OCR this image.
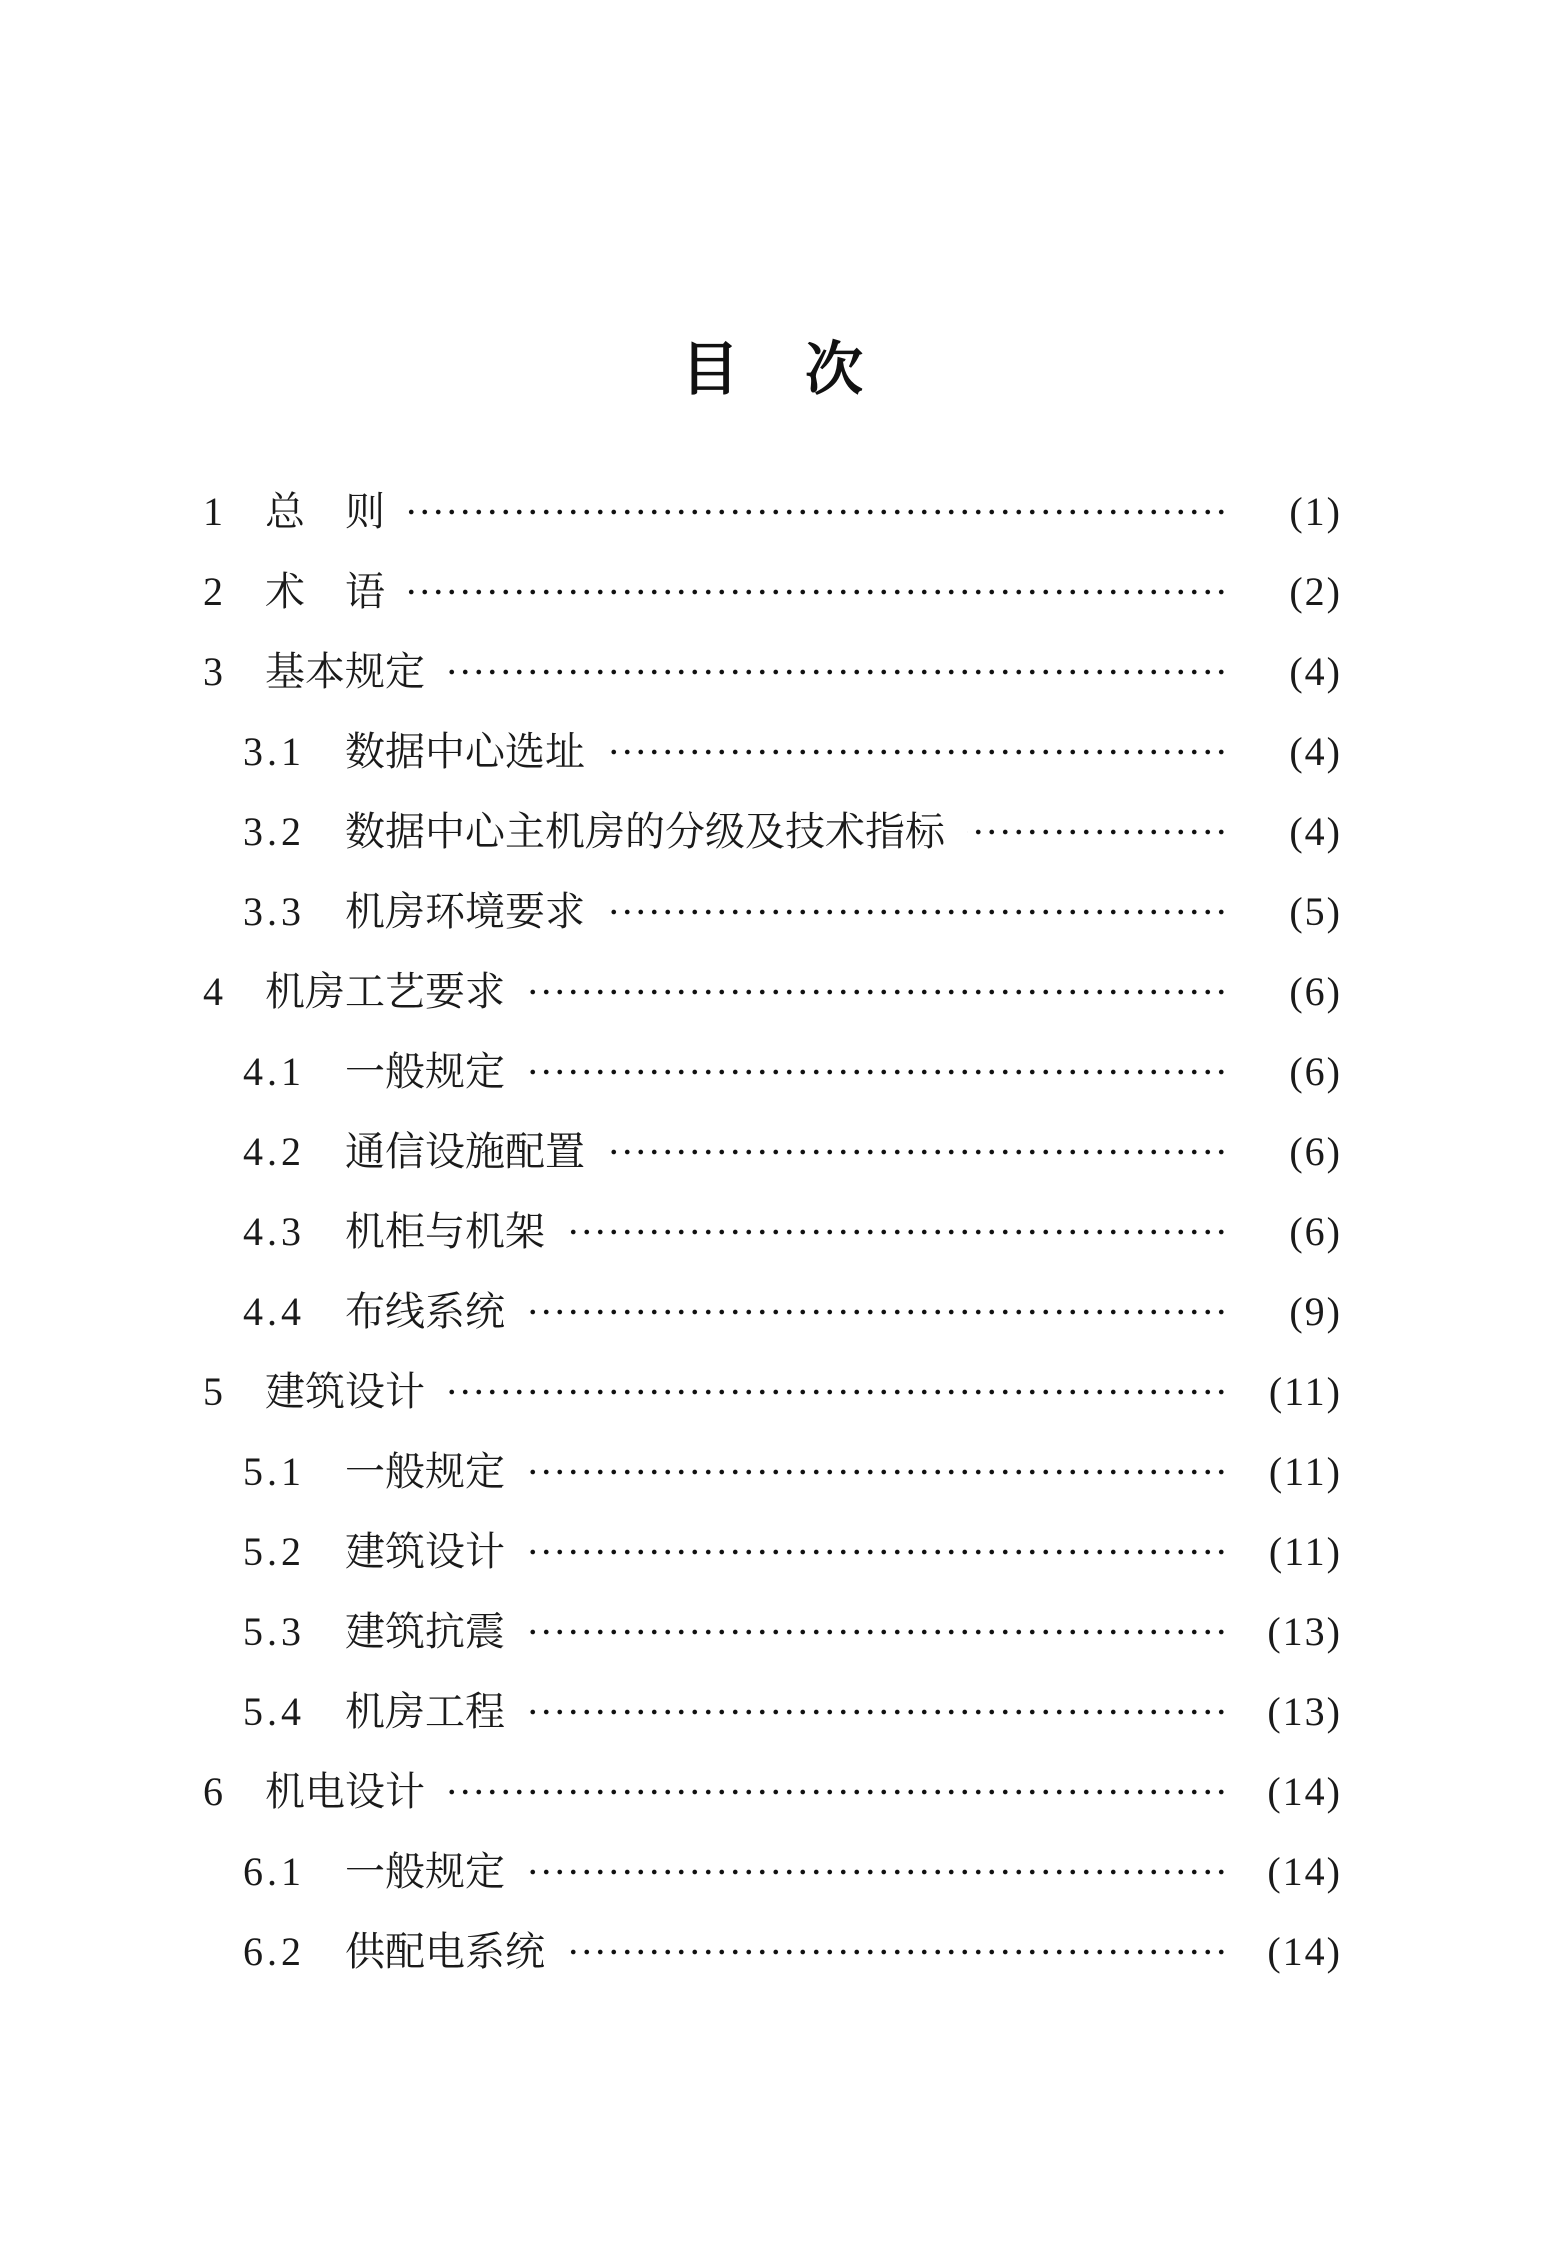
目　次
1 总　则	(1)
2 术　语	(2)
3 基本规定	(4)
3.1	数据中心选址	(4)
3.2	数据中心主机房的分级及技术指标	(4)
3.3	机房环境要求	(5)
4 机房工艺要求	(6)
4.1	一般规定	(6)
4.2	通信设施配置	(6)
4.3	机柜与机架	(6)
4.4	布线系统	(9)
5 建筑设计	(11)
5.1	一般规定	(11)
5.2	建筑设计	(11)
5.3	建筑抗震	(13)
5.4	机房工程	(13)
6 机电设计	(14)
6.1	一般规定	(14)
6.2	供配电系统	(14)
